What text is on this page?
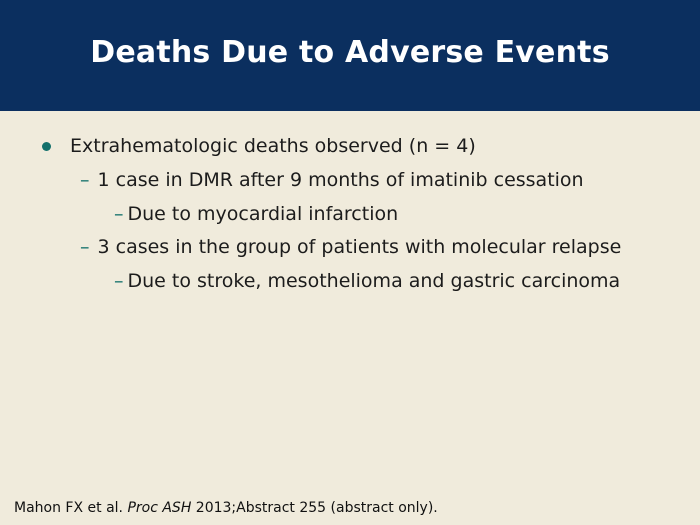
Deaths Due to Adverse Events
Extrahematologic deaths observed (n = 4)
– 1 case in DMR after 9 months of imatinib cessation
– Due to myocardial infarction
– 3 cases in the group of patients with molecular relapse
– Due to stroke, mesothelioma and gastric carcinoma
Mahon FX et al. Proc ASH 2013;Abstract 255 (abstract only).
